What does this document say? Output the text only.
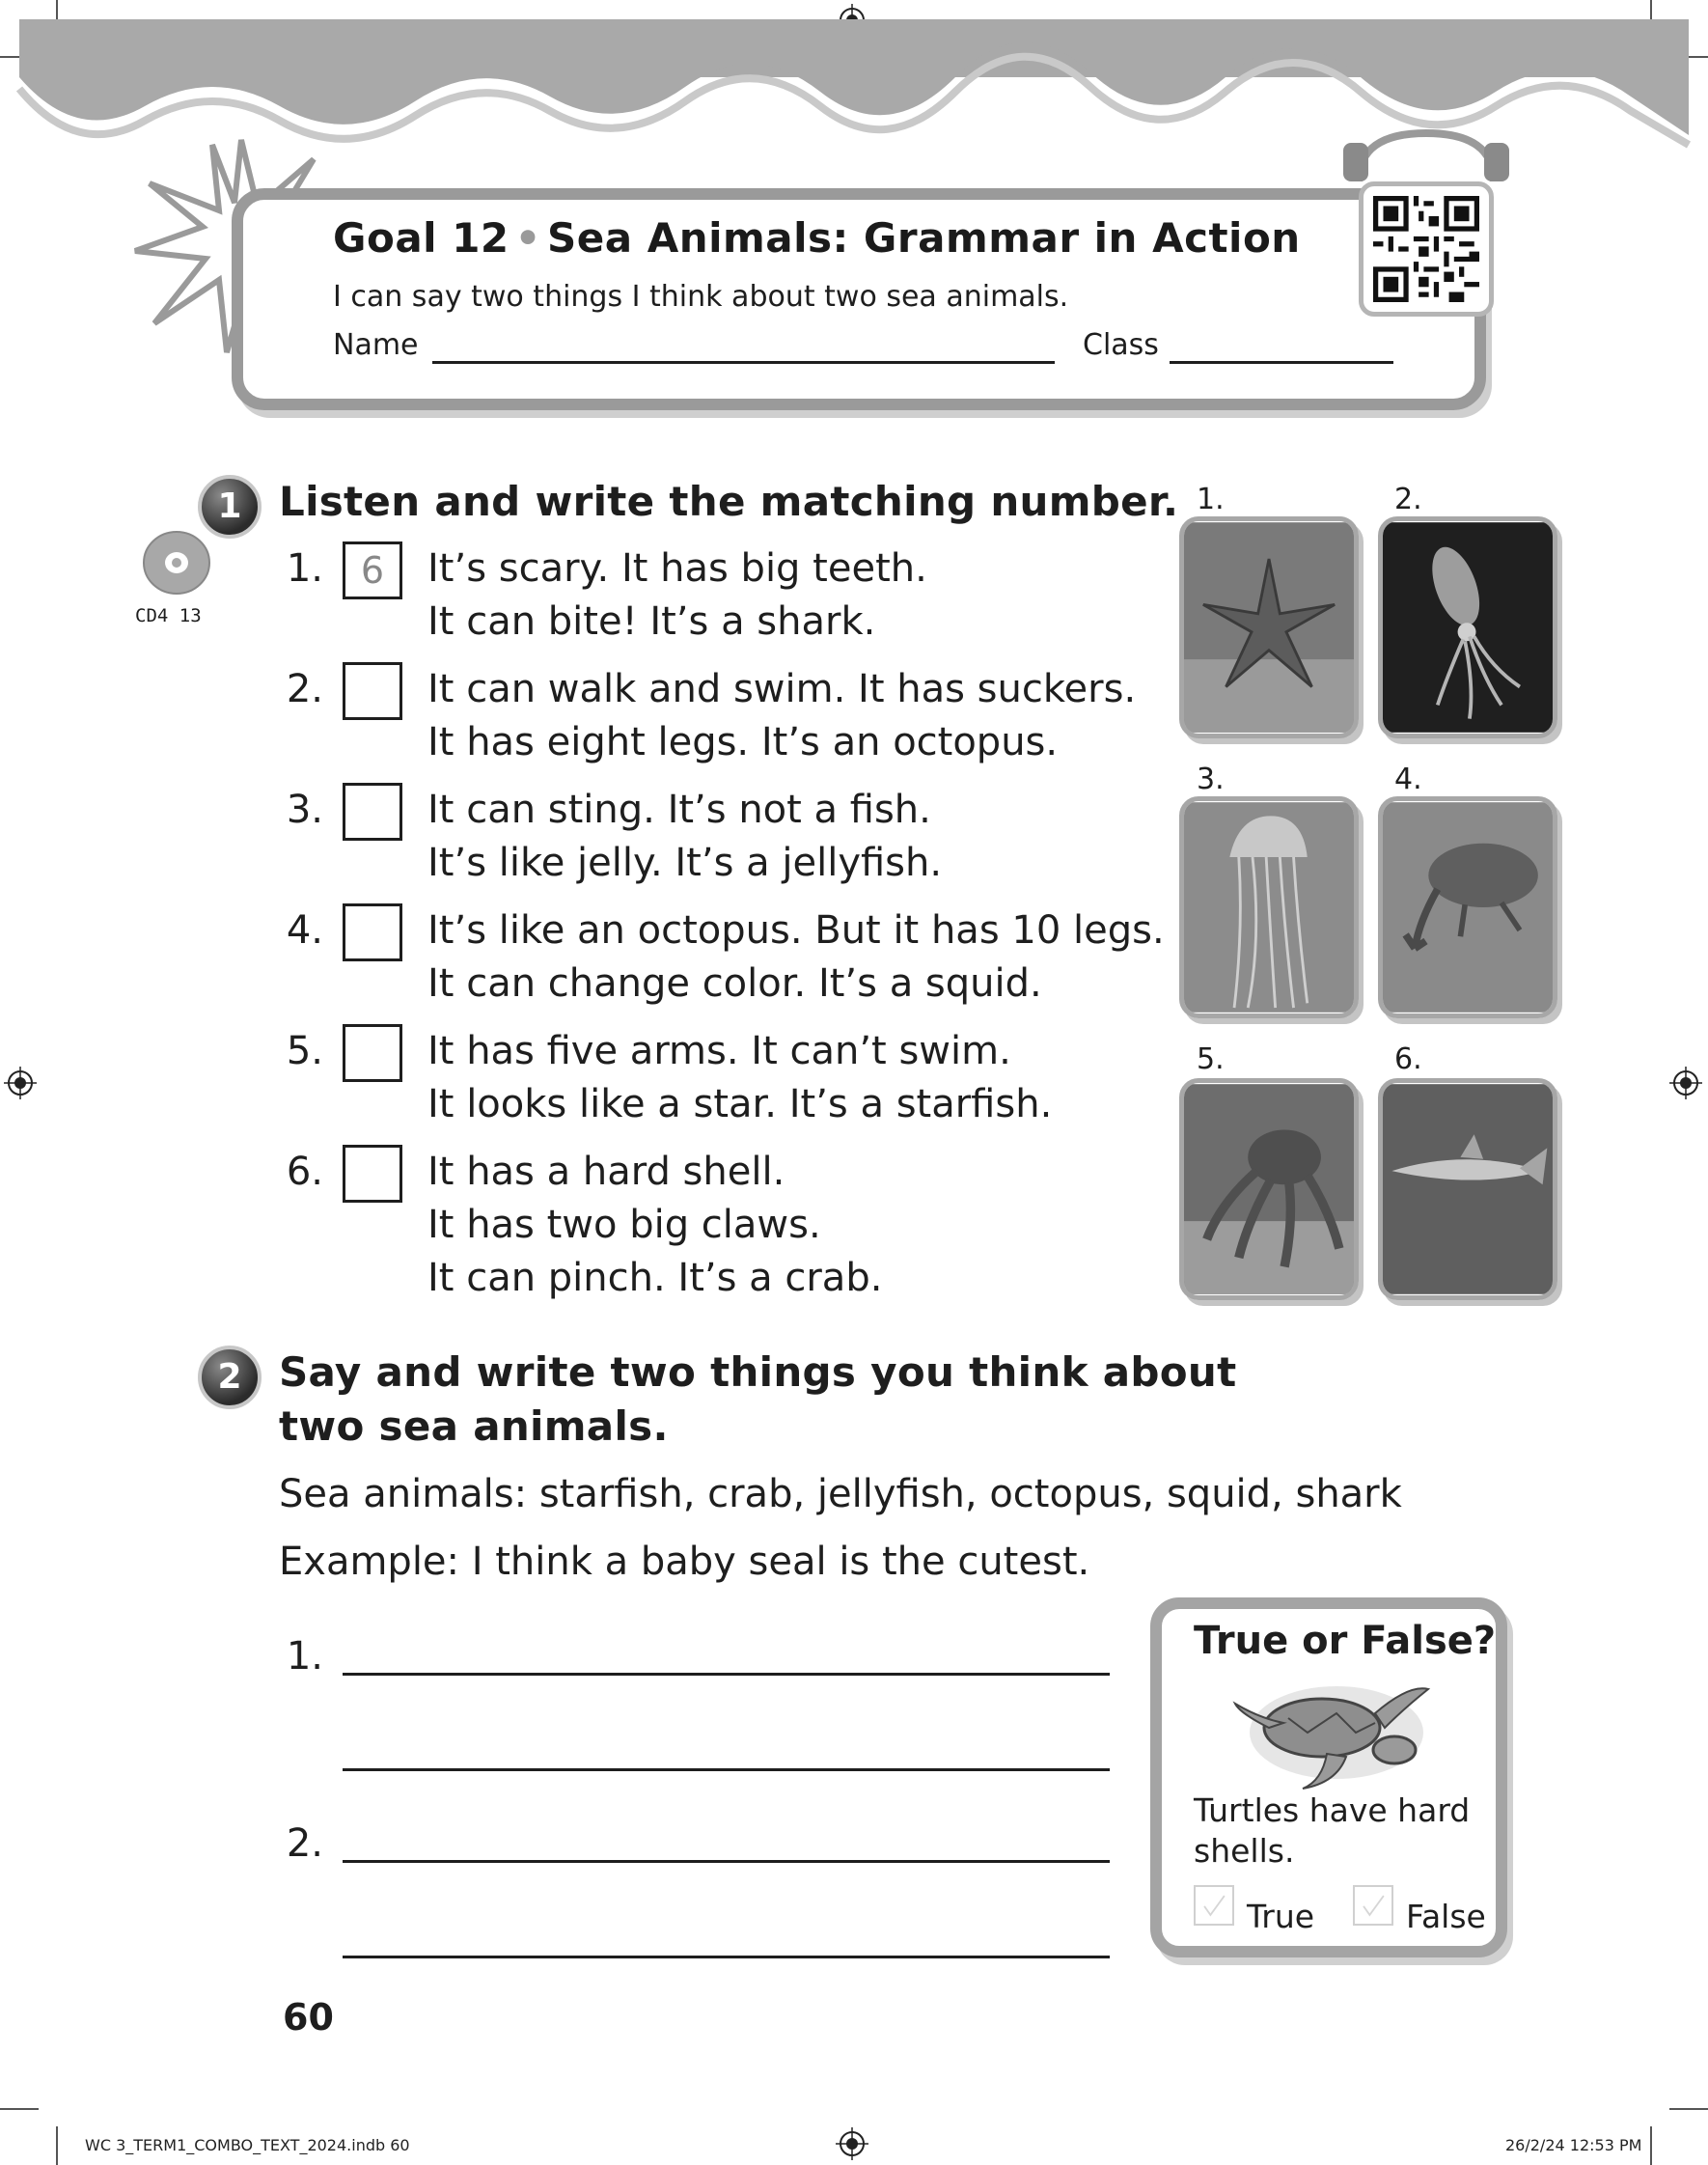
Goal 12 • Sea Animals: Grammar in Action
I can say two things I think about two sea animals.
Name	Class
1 Listen and write the matching number.
CD4 13
1.	6	It’s scary. It has big teeth.
It can bite! It’s a shark.
2.	It can walk and swim. It has suckers.
It has eight legs. It’s an octopus.
3.	It can sting. It’s not a fish.
It’s like jelly. It’s a jellyfish.
4.	It’s like an octopus. But it has 10 legs.
It can change color. It’s a squid.
5.	It has five arms. It can’t swim.
It looks like a star. It’s a starfish.
6.	It has a hard shell.
It has two big claws.
It can pinch. It’s a crab.
1.	2.
3.	4.
5.	6.
2 Say and write two things you think about
two sea animals.
Sea animals: starfish, crab, jellyfish, octopus, squid, shark
Example: I think a baby seal is the cutest.
1.
2.
True or False?
Turtles have hard shells.
True	False
60
WC 3_TERM1_COMBO_TEXT_2024.indb 60	26/2/24 12:53 PM
